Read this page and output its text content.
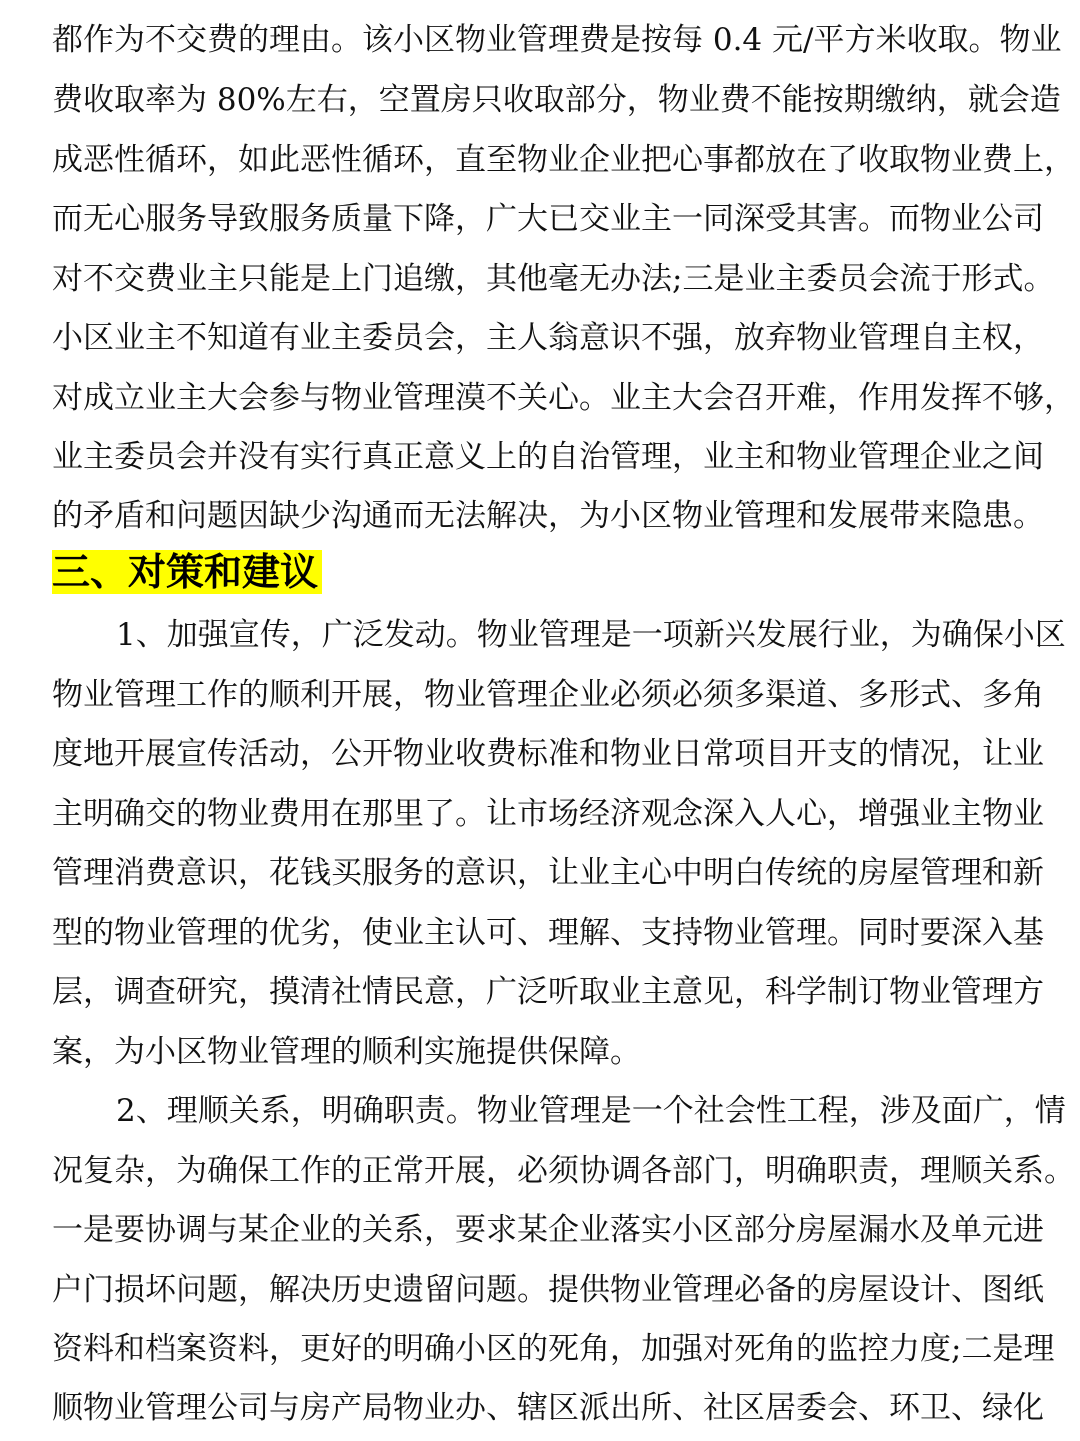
都作为不交费的理由。该小区物业管理费是按每 0.4 元/平方米收取。物业
费收取率为 80%左右，空置房只收取部分，物业费不能按期缴纳，就会造
成恶性循环，如此恶性循环，直至物业企业把心事都放在了收取物业费上，
而无心服务导致服务质量下降，广大已交业主一同深受其害。而物业公司
对不交费业主只能是上门追缴，其他毫无办法;三是业主委员会流于形式。
小区业主不知道有业主委员会，主人翁意识不强，放弃物业管理自主权，
对成立业主大会参与物业管理漠不关心。业主大会召开难，作用发挥不够，
业主委员会并没有实行真正意义上的自治管理，业主和物业管理企业之间
的矛盾和问题因缺少沟通而无法解决，为小区物业管理和发展带来隐患。
三、对策和建议
1、加强宣传，广泛发动。物业管理是一项新兴发展行业，为确保小区
物业管理工作的顺利开展，物业管理企业必须必须多渠道、多形式、多角
度地开展宣传活动，公开物业收费标准和物业日常项目开支的情况，让业
主明确交的物业费用在那里了。让市场经济观念深入人心，增强业主物业
管理消费意识，花钱买服务的意识，让业主心中明白传统的房屋管理和新
型的物业管理的优劣，使业主认可、理解、支持物业管理。同时要深入基
层，调查研究，摸清社情民意，广泛听取业主意见，科学制订物业管理方
案，为小区物业管理的顺利实施提供保障。
2、理顺关系，明确职责。物业管理是一个社会性工程，涉及面广，情
况复杂，为确保工作的正常开展，必须协调各部门，明确职责，理顺关系。
一是要协调与某企业的关系，要求某企业落实小区部分房屋漏水及单元进
户门损坏问题，解决历史遗留问题。提供物业管理必备的房屋设计、图纸
资料和档案资料，更好的明确小区的死角，加强对死角的监控力度;二是理
顺物业管理公司与房产局物业办、辖区派出所、社区居委会、环卫、绿化
